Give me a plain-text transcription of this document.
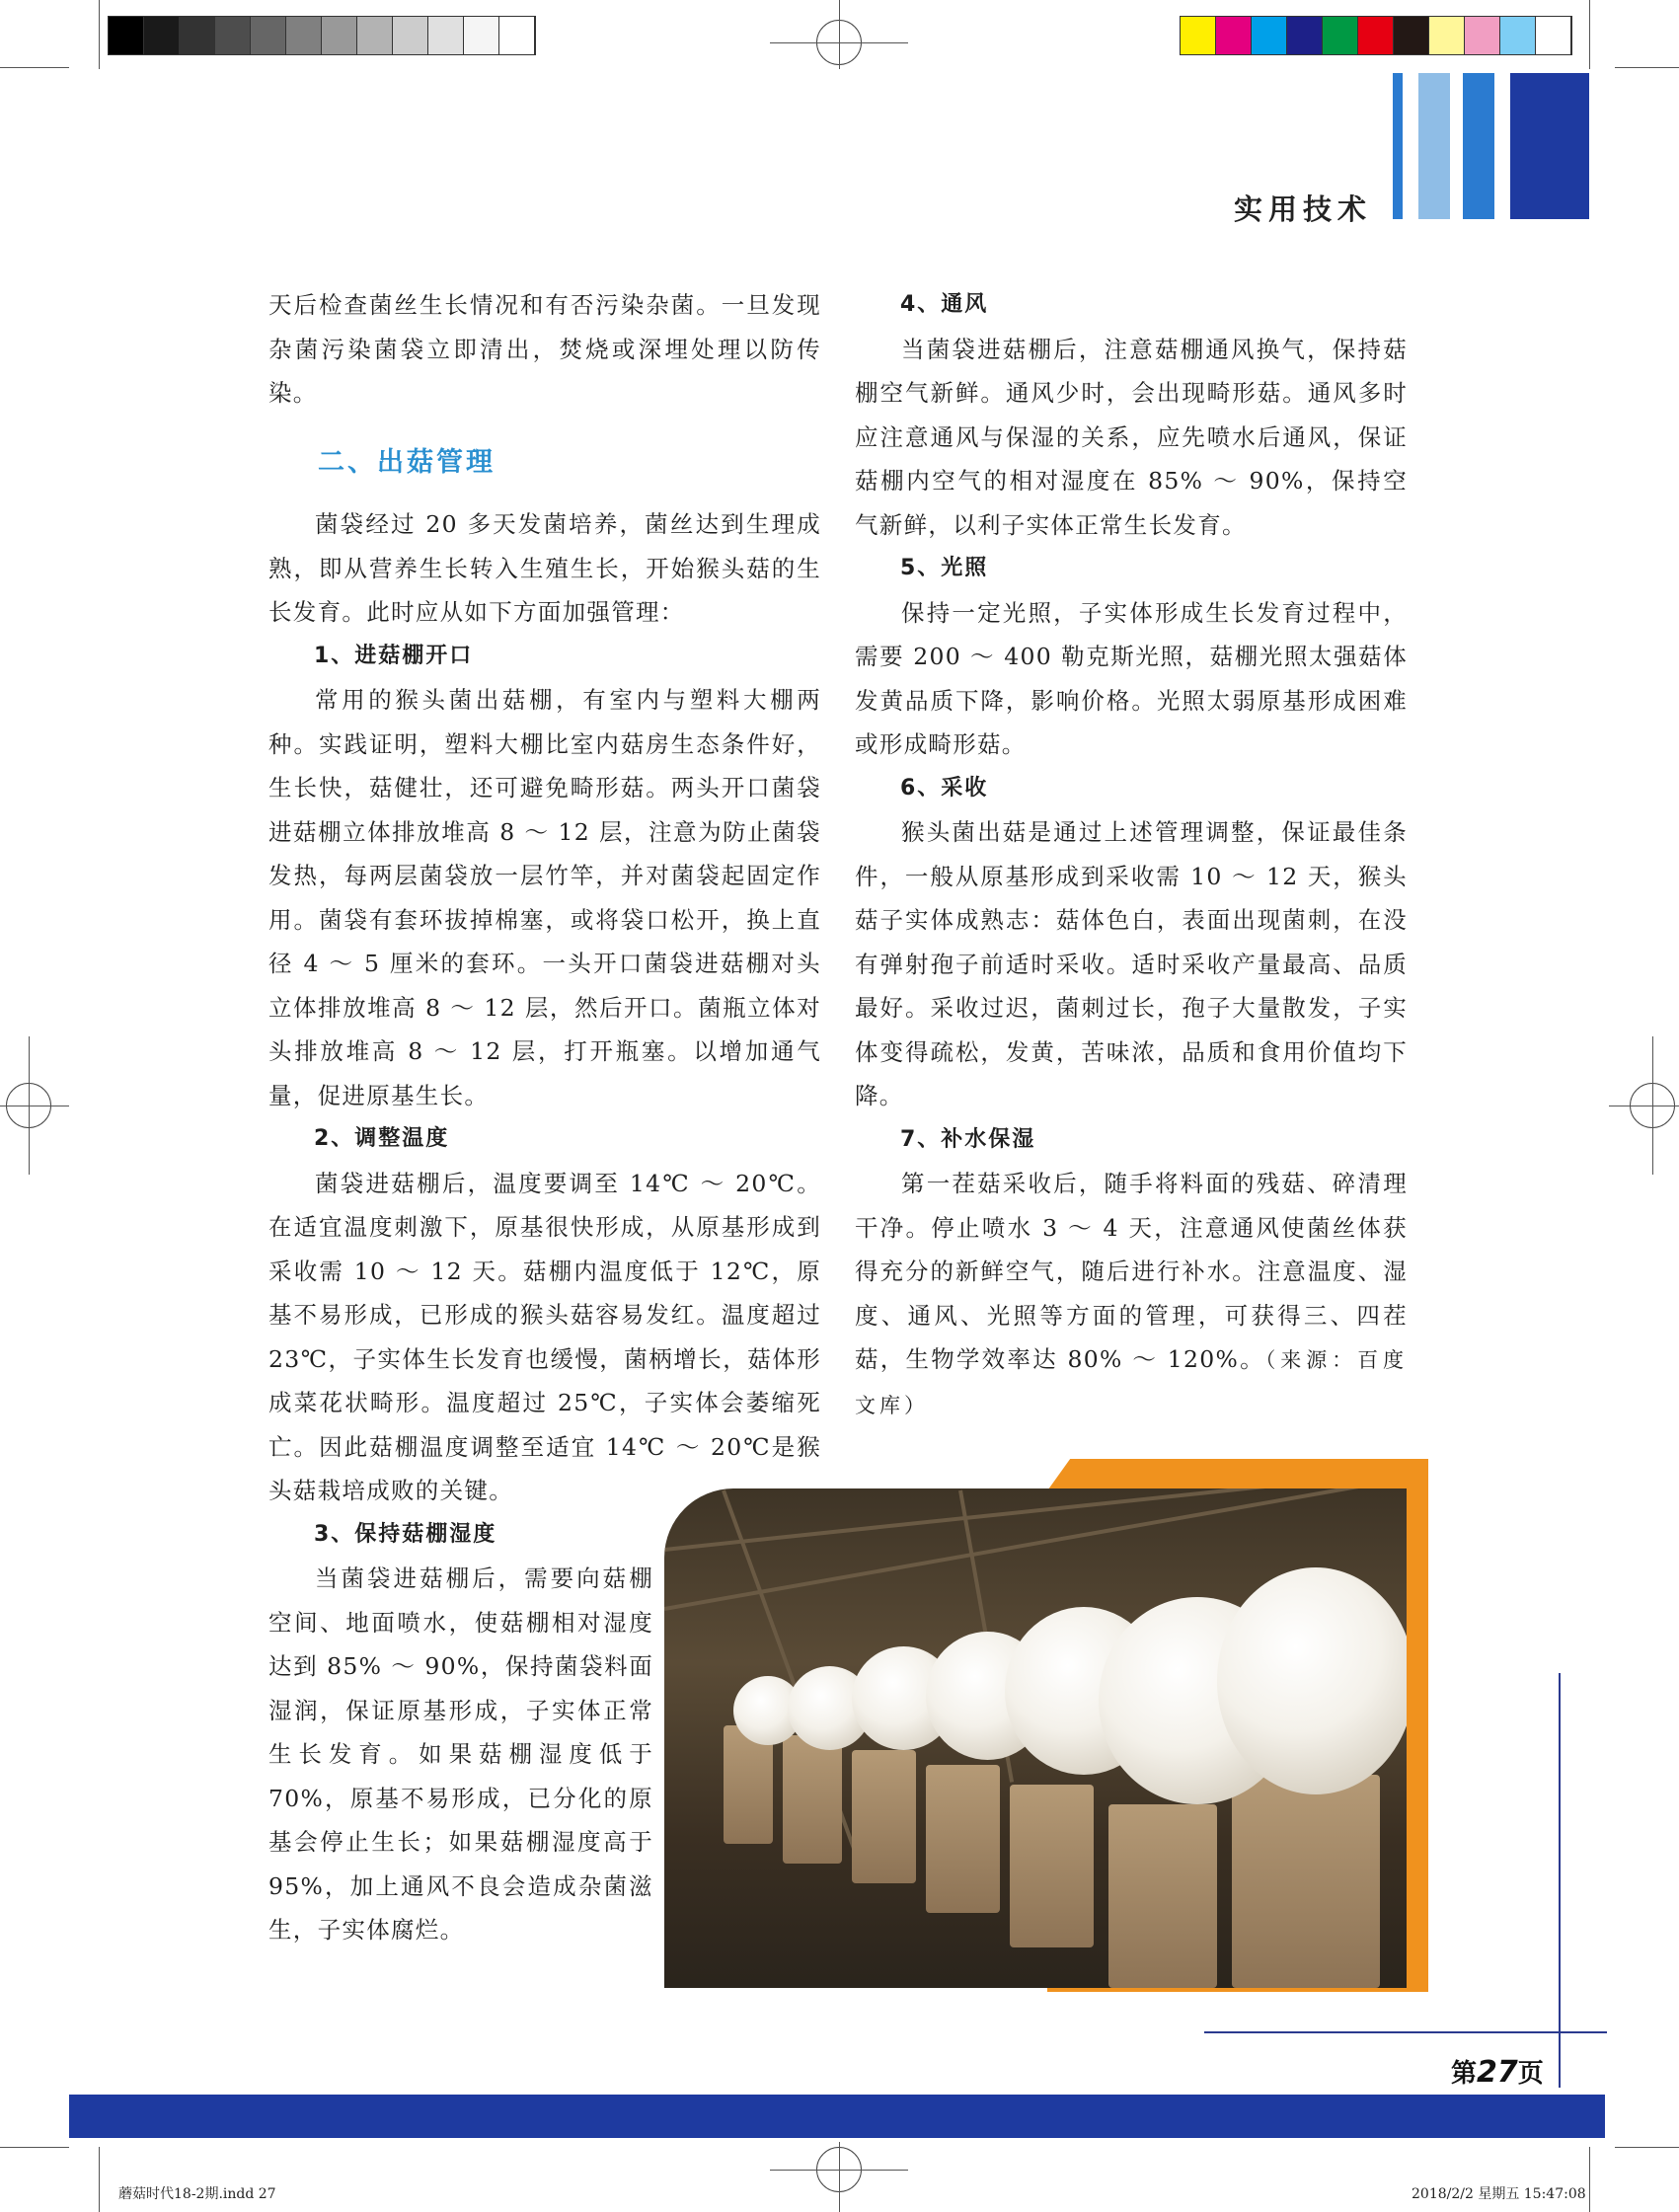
实用技术

天后检查菌丝生长情况和有否污染杂菌。一旦发现杂菌污染菌袋立即清出，焚烧或深埋处理以防传染。

二、出菇管理

菌袋经过 20 多天发菌培养，菌丝达到生理成熟，即从营养生长转入生殖生长，开始猴头菇的生长发育。此时应从如下方面加强管理：

1、进菇棚开口

常用的猴头菌出菇棚，有室内与塑料大棚两种。实践证明，塑料大棚比室内菇房生态条件好，生长快，菇健壮，还可避免畸形菇。两头开口菌袋进菇棚立体排放堆高 8 ～ 12 层，注意为防止菌袋发热，每两层菌袋放一层竹竿，并对菌袋起固定作用。菌袋有套环拔掉棉塞，或将袋口松开，换上直径 4 ～ 5 厘米的套环。一头开口菌袋进菇棚对头立体排放堆高 8 ～ 12 层，然后开口。菌瓶立体对头排放堆高 8 ～ 12 层，打开瓶塞。以增加通气量，促进原基生长。

2、调整温度

菌袋进菇棚后，温度要调至 14℃ ～ 20℃。在适宜温度刺激下，原基很快形成，从原基形成到采收需 10 ～ 12 天。菇棚内温度低于 12℃，原基不易形成，已形成的猴头菇容易发红。温度超过 23℃，子实体生长发育也缓慢，菌柄增长，菇体形成菜花状畸形。温度超过 25℃，子实体会萎缩死亡。因此菇棚温度调整至适宜 14℃ ～ 20℃是猴头菇栽培成败的关键。

3、保持菇棚湿度

当菌袋进菇棚后，需要向菇棚空间、地面喷水，使菇棚相对湿度达到 85% ～ 90%，保持菌袋料面湿润，保证原基形成，子实体正常生长发育。如果菇棚湿度低于 70%，原基不易形成，已分化的原基会停止生长；如果菇棚湿度高于 95%，加上通风不良会造成杂菌滋生，子实体腐烂。

4、通风

当菌袋进菇棚后，注意菇棚通风换气，保持菇棚空气新鲜。通风少时，会出现畸形菇。通风多时应注意通风与保湿的关系，应先喷水后通风，保证菇棚内空气的相对湿度在 85% ～ 90%，保持空气新鲜，以利子实体正常生长发育。

5、光照

保持一定光照，子实体形成生长发育过程中，需要 200 ～ 400 勒克斯光照，菇棚光照太强菇体发黄品质下降，影响价格。光照太弱原基形成困难或形成畸形菇。

6、采收

猴头菌出菇是通过上述管理调整，保证最佳条件，一般从原基形成到采收需 10 ～ 12 天，猴头菇子实体成熟志：菇体色白，表面出现菌刺，在没有弹射孢子前适时采收。适时采收产量最高、品质最好。采收过迟，菌刺过长，孢子大量散发，子实体变得疏松，发黄，苦味浓，品质和食用价值均下降。

7、补水保湿

第一茬菇采收后，随手将料面的残菇、碎清理干净。停止喷水 3 ～ 4 天，注意通风使菌丝体获得充分的新鲜空气，随后进行补水。注意温度、湿度、通风、光照等方面的管理，可获得三、四茬菇，生物学效率达 80% ～ 120%。（来源：百度文库）

第27页
蘑菇时代18-2期.indd 27	2018/2/2 星期五 15:47:08
